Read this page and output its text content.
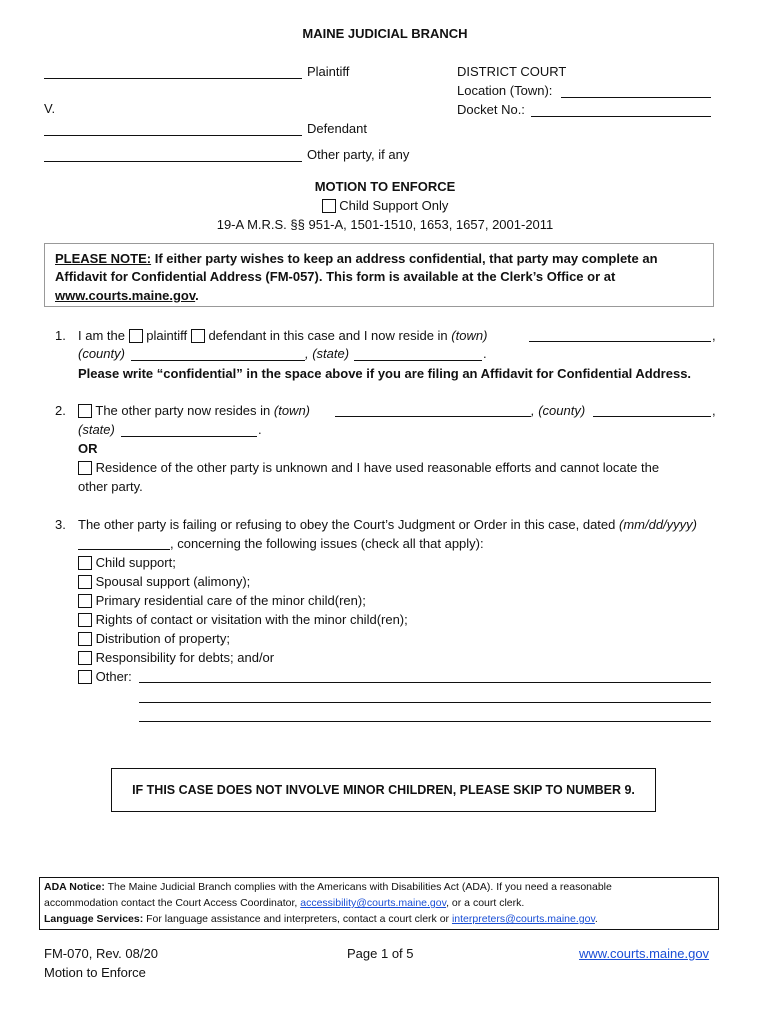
MAINE JUDICIAL BRANCH
Plaintiff
V.
Defendant
Other party, if any
DISTRICT COURT
Location (Town):
Docket No.:
MOTION TO ENFORCE
Child Support Only
19-A M.R.S. §§ 951-A, 1501-1510, 1653, 1657, 2001-2011
PLEASE NOTE: If either party wishes to keep an address confidential, that party may complete an
Affidavit for Confidential Address (FM-057). This form is available at the Clerk’s Office or at
www.courts.maine.gov.
1. I am the plaintiff defendant in this case and I now reside in (town)	,
(county)	, (state)	.
Please write “confidential” in the space above if you are filing an Affidavit for Confidential Address.
2.	The other party now resides in (town)	, (county)	,
(state)	.
OR
Residence of the other party is unknown and I have used reasonable efforts and cannot locate the
other party.
3. The other party is failing or refusing to obey the Court’s Judgment or Order in this case, dated (mm/dd/yyyy)
, concerning the following issues (check all that apply):
Child support;
Spousal support (alimony);
Primary residential care of the minor child(ren);
Rights of contact or visitation with the minor child(ren);
Distribution of property;
Responsibility for debts; and/or
Other:
IF THIS CASE DOES NOT INVOLVE MINOR CHILDREN, PLEASE SKIP TO NUMBER 9.
ADA Notice: The Maine Judicial Branch complies with the Americans with Disabilities Act (ADA). If you need a reasonable
accommodation contact the Court Access Coordinator, accessibility@courts.maine.gov, or a court clerk.
Language Services: For language assistance and interpreters, contact a court clerk or interpreters@courts.maine.gov.
FM-070, Rev. 08/20
Motion to Enforce
Page 1 of 5	www.courts.maine.gov
